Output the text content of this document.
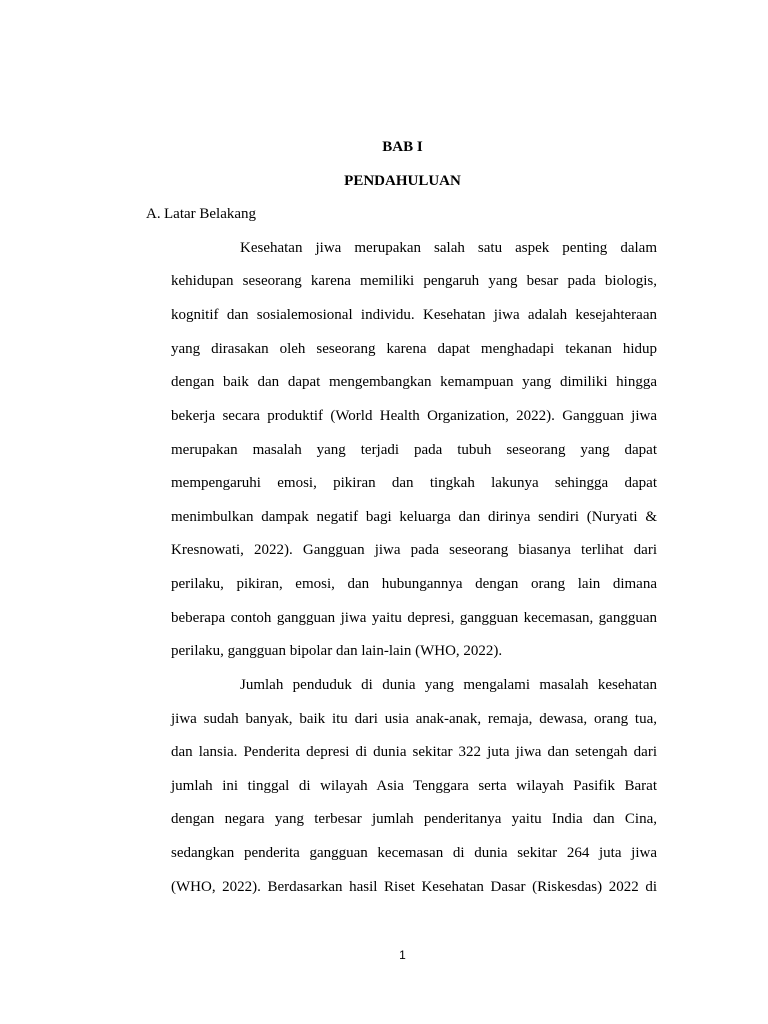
BAB I
PENDAHULUAN
A. Latar Belakang
Kesehatan jiwa merupakan salah satu aspek penting dalam
kehidupan seseorang karena memiliki pengaruh yang besar pada biologis,
kognitif dan sosialemosional individu. Kesehatan jiwa adalah kesejahteraan
yang dirasakan oleh seseorang karena dapat menghadapi tekanan hidup
dengan baik dan dapat mengembangkan kemampuan yang dimiliki hingga
bekerja secara produktif (World Health Organization, 2022). Gangguan jiwa
merupakan masalah yang terjadi pada tubuh seseorang yang dapat
mempengaruhi emosi, pikiran dan tingkah lakunya sehingga dapat
menimbulkan dampak negatif bagi keluarga dan dirinya sendiri (Nuryati &
Kresnowati, 2022). Gangguan jiwa pada seseorang biasanya terlihat dari
perilaku, pikiran, emosi, dan hubungannya dengan orang lain dimana
beberapa contoh gangguan jiwa yaitu depresi, gangguan kecemasan, gangguan
perilaku, gangguan bipolar dan lain-lain (WHO, 2022).
Jumlah penduduk di dunia yang mengalami masalah kesehatan
jiwa sudah banyak, baik itu dari usia anak-anak, remaja, dewasa, orang tua,
dan lansia. Penderita depresi di dunia sekitar 322 juta jiwa dan setengah dari
jumlah ini tinggal di wilayah Asia Tenggara serta wilayah Pasifik Barat
dengan negara yang terbesar jumlah penderitanya yaitu India dan Cina,
sedangkan penderita gangguan kecemasan di dunia sekitar 264 juta jiwa
(WHO, 2022). Berdasarkan hasil Riset Kesehatan Dasar (Riskesdas) 2022 di
1
